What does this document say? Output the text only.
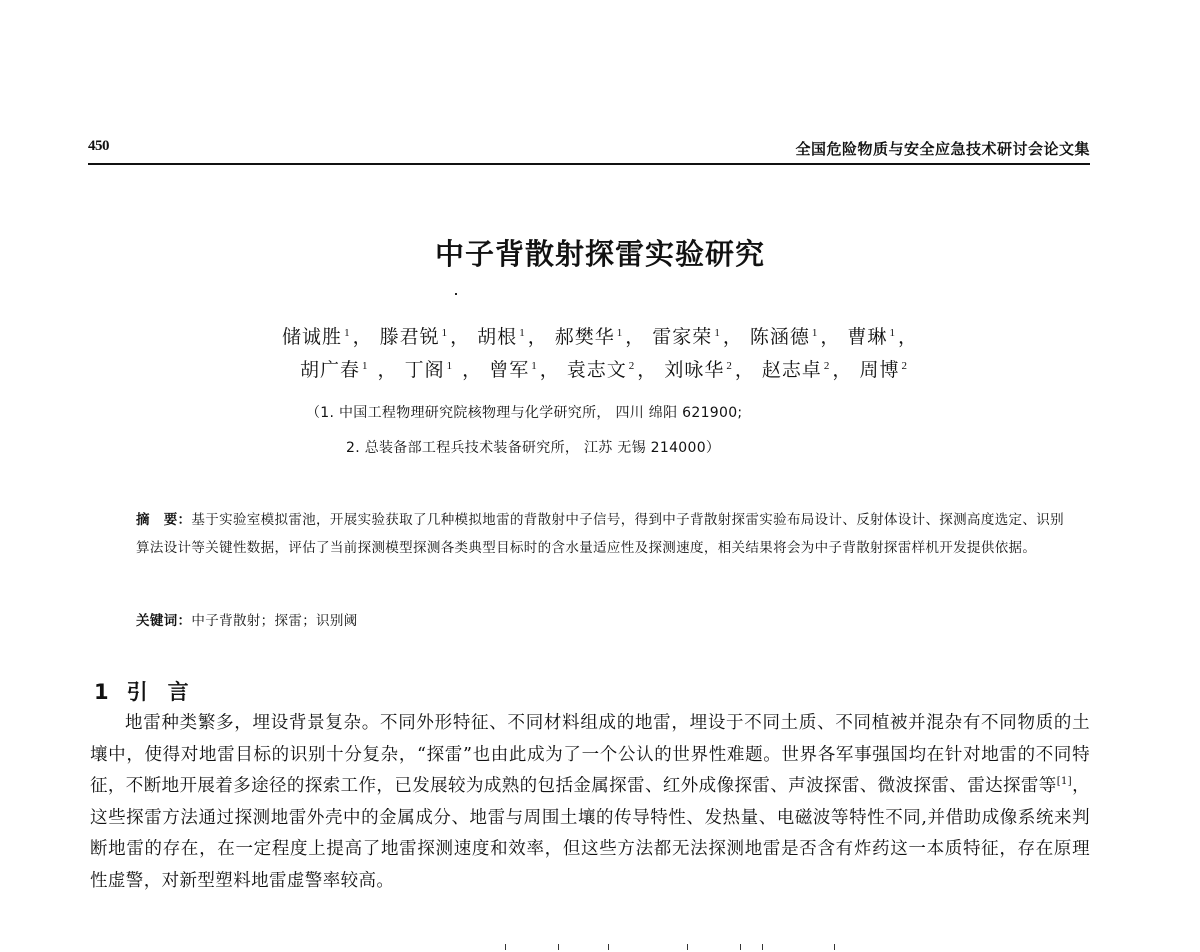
450	全国危险物质与安全应急技术研讨会论文集
中子背散射探雷实验研究
储诚胜 $^1$ ， 滕君锐 $^1$ ， 胡根 $^1$ ， 郝樊华 $^1$ ， 雷家荣 $^1$ ， 陈涵德 $^1$ ， 曹琳 $^1$ ，
胡广春 $^1$ ， 丁阁 $^1$ ， 曾军 $^1$ ， 袁志文 $^2$ ， 刘咏华 $^2$ ， 赵志卓 $^2$ ， 周博 $^2$
（1. 中国工程物理研究院核物理与化学研究所， 四川 绵阳 621900;
2. 总装备部工程兵技术装备研究所， 江苏 无锡 214000）
摘　要：基于实验室模拟雷池，开展实验获取了几种模拟地雷的背散射中子信号，得到中子背散射探雷实验布局设计、反射体设计、探测高度选定、识别算法设计等关键性数据，评估了当前探测模型探测各类典型目标时的含水量适应性及探测速度，相关结果将会为中子背散射探雷样机开发提供依据。
关键词：中子背散射；探雷；识别阈
1 引 言

地雷种类繁多，埋设背景复杂。不同外形特征、不同材料组成的地雷，埋设于不同土质、不同植被并混杂有不同物质的土壤中，使得对地雷目标的识别十分复杂，“探雷”也由此成为了一个公认的世界性难题。世界各军事强国均在针对地雷的不同特征，不断地开展着多途径的探索工作，已发展较为成熟的包括金属探雷、红外成像探雷、声波探雷、微波探雷、雷达探雷等[1]，这些探雷方法通过探测地雷外壳中的金属成分、地雷与周围土壤的传导特性、发热量、电磁波等特性不同,并借助成像系统来判断地雷的存在，在一定程度上提高了地雷探测速度和效率，但这些方法都无法探测地雷是否含有炸药这一本质特征，存在原理性虚警，对新型塑料地雷虚警率较高。
